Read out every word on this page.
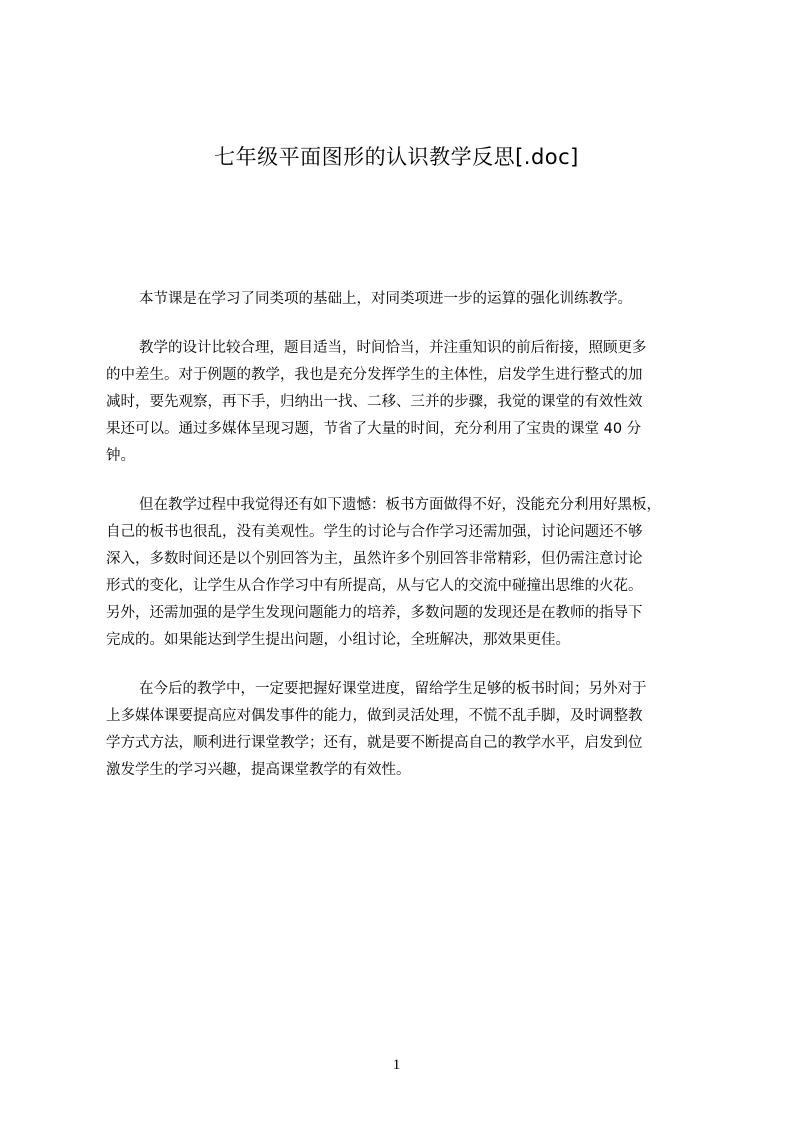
七年级平面图形的认识教学反思[.doc]

本节课是在学习了同类项的基础上，对同类项进一步的运算的强化训练教学。

教学的设计比较合理，题目适当，时间恰当，并注重知识的前后衔接，照顾更多
的中差生。对于例题的教学，我也是充分发挥学生的主体性，启发学生进行整式的加
减时，要先观察，再下手，归纳出一找、二移、三并的步骤，我觉的课堂的有效性效
果还可以。通过多媒体呈现习题，节省了大量的时间，充分利用了宝贵的课堂 40 分
钟。

但在教学过程中我觉得还有如下遗憾：板书方面做得不好，没能充分利用好黑板，
自己的板书也很乱，没有美观性。学生的讨论与合作学习还需加强，讨论问题还不够
深入，多数时间还是以个别回答为主，虽然许多个别回答非常精彩，但仍需注意讨论
形式的变化，让学生从合作学习中有所提高，从与它人的交流中碰撞出思维的火花。
另外，还需加强的是学生发现问题能力的培养，多数问题的发现还是在教师的指导下
完成的。如果能达到学生提出问题，小组讨论，全班解决，那效果更佳。

在今后的教学中，一定要把握好课堂进度，留给学生足够的板书时间；另外对于
上多媒体课要提高应对偶发事件的能力，做到灵活处理，不慌不乱手脚，及时调整教
学方式方法，顺利进行课堂教学；还有，就是要不断提高自己的教学水平，启发到位
激发学生的学习兴趣，提高课堂教学的有效性。

1
